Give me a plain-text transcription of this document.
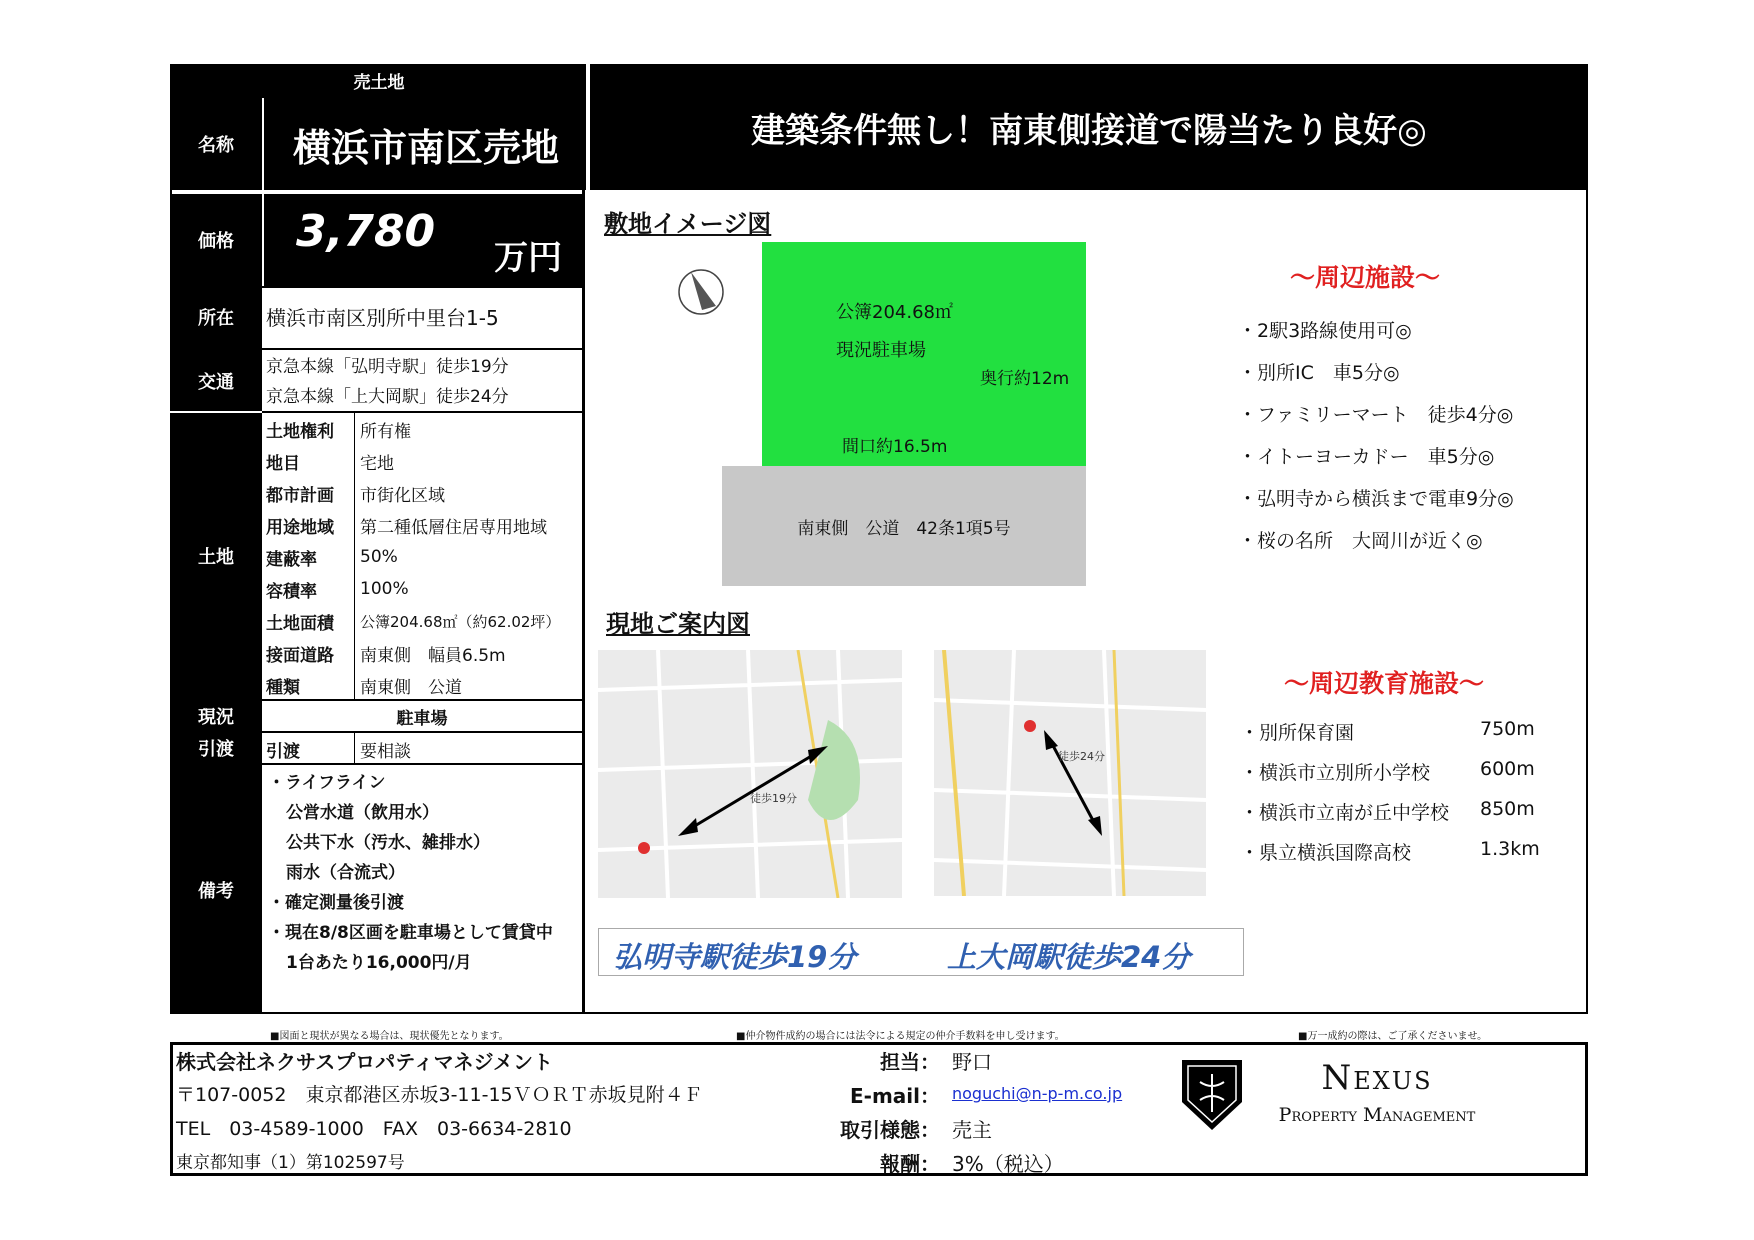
売土地
名称	横浜市南区売地	建築条件無し！南東側接道で陽当たり良好◎
価格	3,780
万円
所在	横浜市南区別所中里台1-5
交通
京急本線「弘明寺駅」徒歩19分
京急本線「上大岡駅」徒歩24分
土地
土地権利	所有権
地目	宅地
都市計画	市街化区域
用途地域	第二種低層住居専用地域
建蔽率	50%
容積率	100%
土地面積	公簿204.68㎡（約62.02坪）
接面道路	南東側　幅員6.5m
種類	南東側　公道
現況	駐車場
引渡	引渡	要相談
備考
・ライフライン
公営水道（飲用水）
公共下水（汚水、雑排水）
雨水（合流式）
・確定測量後引渡
・現在8/8区画を駐車場として賃貸中
1台あたり16,000円/月
敷地イメージ図
公簿204.68㎡
現況駐車場
奥行約12m
間口約16.5m
南東側　公道　42条1項5号
現地ご案内図
徒歩19分
徒歩24分
弘明寺駅徒歩19分	上大岡駅徒歩24分
～周辺施設～
・2駅3路線使用可◎
・別所IC　車5分◎
・ファミリーマート　徒歩4分◎
・イトーヨーカドー　車5分◎
・弘明寺から横浜まで電車9分◎
・桜の名所　大岡川が近く◎
～周辺教育施設～
・別所保育園	750m
・横浜市立別所小学校	600m
・横浜市立南が丘中学校 850m
・県立横浜国際高校	1.3km
■図面と現状が異なる場合は、現状優先となります。	■仲介物件成約の場合には法令による規定の仲介手数料を申し受けます。	■万一成約の際は、ご了承くださいませ。
株式会社ネクサスプロパティマネジメント
〒107-0052　東京都港区赤坂3-11-15ＶＯＲＴ赤坂見附４Ｆ
TEL　03-4589-1000　FAX　03-6634-2810
東京都知事（1）第102597号
担当： 野口
E-mail： noguchi@n-p-m.co.jp
取引様態： 売主
報酬： 3%（税込）
Nexus
Property Management
